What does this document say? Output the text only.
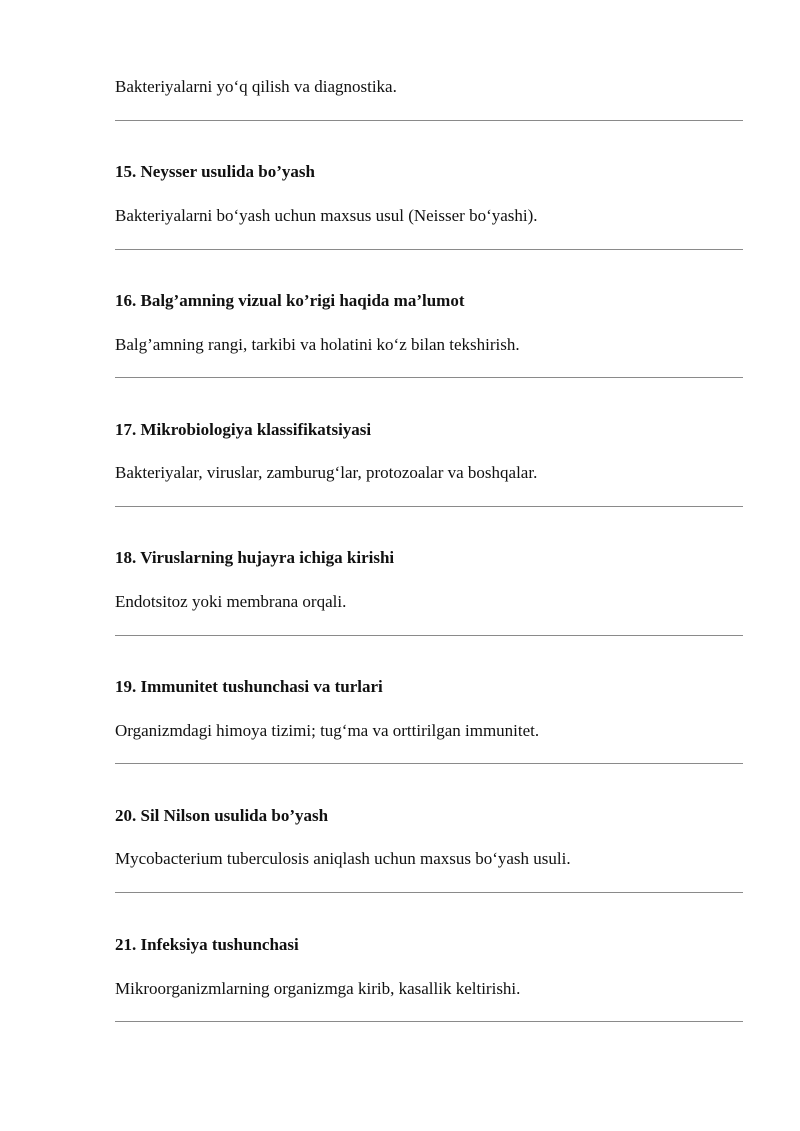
Bakteriyalarni yo‘q qilish va diagnostika.
15. Neysser usulida bo’yash
Bakteriyalarni bo‘yash uchun maxsus usul (Neisser bo‘yashi).
16. Balg’amning vizual ko’rigi haqida ma’lumot
Balg’amning rangi, tarkibi va holatini ko‘z bilan tekshirish.
17. Mikrobiologiya klassifikatsiyasi
Bakteriyalar, viruslar, zamburug‘lar, protozoalar va boshqalar.
18. Viruslarning hujayra ichiga kirishi
Endotsitoz yoki membrana orqali.
19. Immunitet tushunchasi va turlari
Organizmdagi himoya tizimi; tug‘ma va orttirilgan immunitet.
20. Sil Nilson usulida bo’yash
Mycobacterium tuberculosis aniqlash uchun maxsus bo‘yash usuli.
21. Infeksiya tushunchasi
Mikroorganizmlarning organizmga kirib, kasallik keltirishi.
